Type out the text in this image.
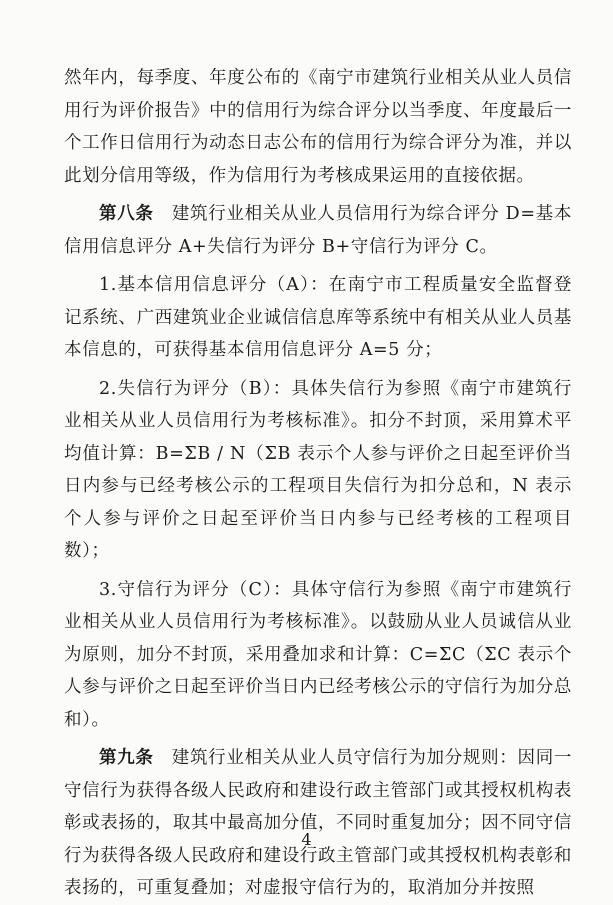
然年内，每季度、年度公布的《南宁市建筑行业相关从业人员信用行为评价报告》中的信用行为综合评分以当季度、年度最后一个工作日信用行为动态日志公布的信用行为综合评分为准，并以此划分信用等级，作为信用行为考核成果运用的直接依据。

第八条　 建筑行业相关从业人员信用行为综合评分 D=基本信用信息评分 A+失信行为评分 B+守信行为评分 C。

1.基本信用信息评分（A）：在南宁市工程质量安全监督登记系统、广西建筑业企业诚信信息库等系统中有相关从业人员基本信息的，可获得基本信用信息评分 A=5 分；

2.失信行为评分（B）：具体失信行为参照《南宁市建筑行业相关从业人员信用行为考核标准》。扣分不封顶，采用算术平均值计算：B=ΣB / N（ΣB 表示个人参与评价之日起至评价当日内参与已经考核公示的工程项目失信行为扣分总和，N 表示个人参与评价之日起至评价当日内参与已经考核的工程项目数）；

3.守信行为评分（C）：具体守信行为参照《南宁市建筑行业相关从业人员信用行为考核标准》。以鼓励从业人员诚信从业为原则，加分不封顶，采用叠加求和计算：C=ΣC（ΣC 表示个人参与评价之日起至评价当日内已经考核公示的守信行为加分总和）。

第九条　 建筑行业相关从业人员守信行为加分规则：因同一守信行为获得各级人民政府和建设行政主管部门或其授权机构表彰或表扬的，取其中最高加分值，不同时重复加分；因不同守信行为获得各级人民政府和建设行政主管部门或其授权机构表彰和表扬的，可重复叠加；对虚报守信行为的，取消加分并按照

4
